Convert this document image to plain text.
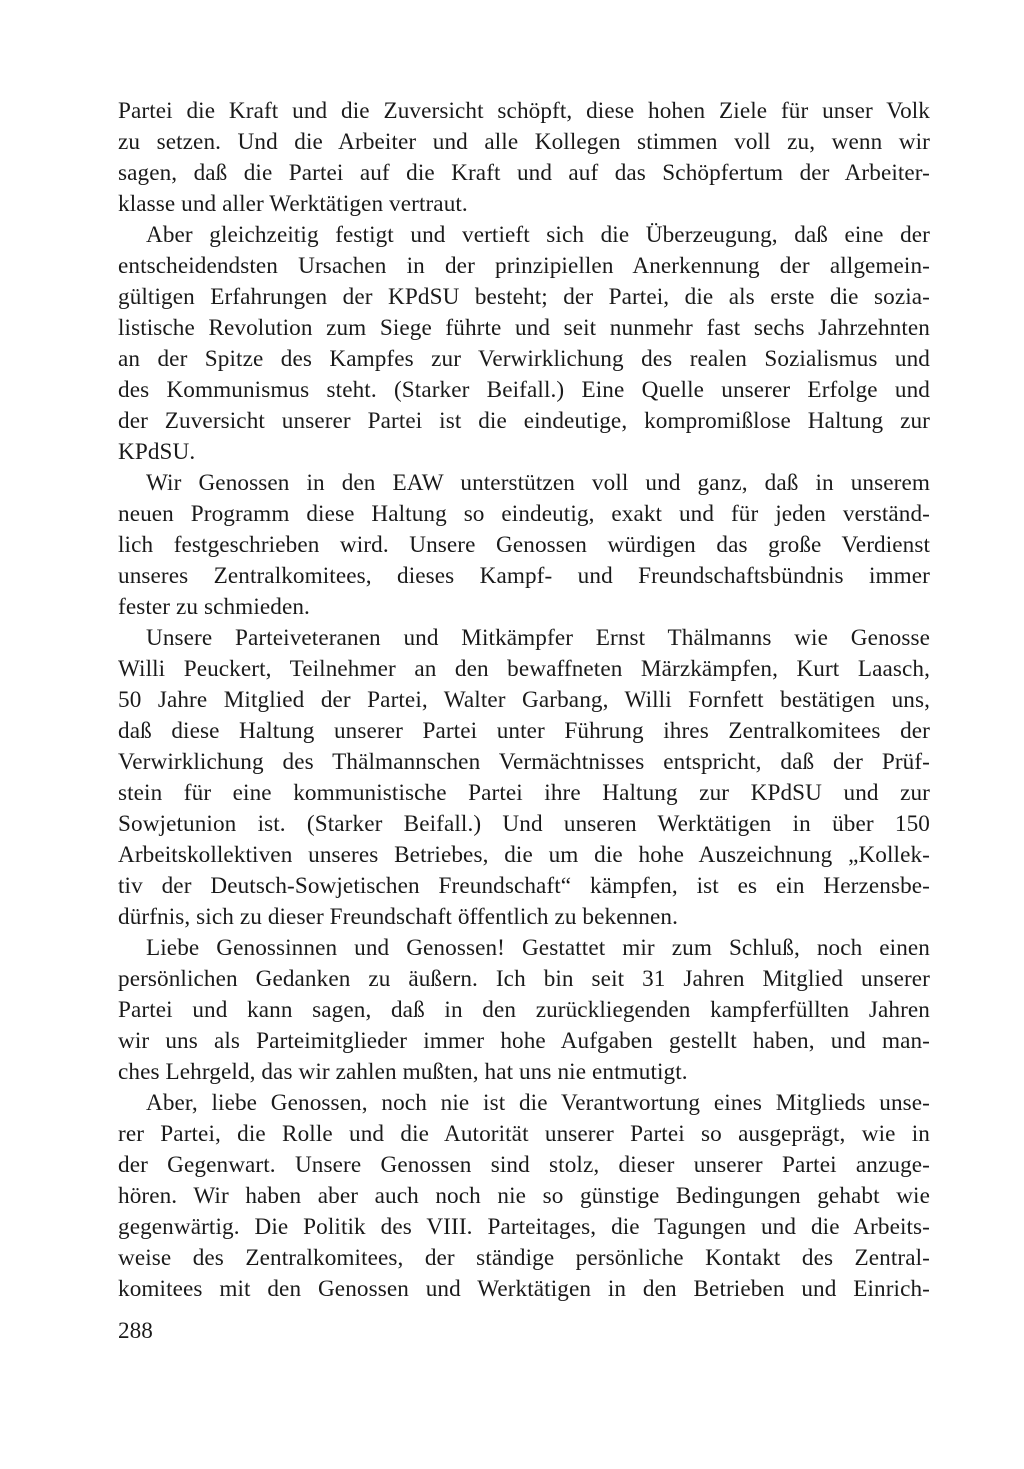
Partei die Kraft und die Zuversicht schöpft, diese hohen Ziele für unser Volk
zu setzen. Und die Arbeiter und alle Kollegen stimmen voll zu, wenn wir
sagen, daß die Partei auf die Kraft und auf das Schöpfertum der Arbeiter-
klasse und aller Werktätigen vertraut.
Aber gleichzeitig festigt und vertieft sich die Überzeugung, daß eine der
entscheidendsten Ursachen in der prinzipiellen Anerkennung der allgemein-
gültigen Erfahrungen der KPdSU besteht; der Partei, die als erste die sozia-
listische Revolution zum Siege führte und seit nunmehr fast sechs Jahrzehnten
an der Spitze des Kampfes zur Verwirklichung des realen Sozialismus und
des Kommunismus steht. (Starker Beifall.) Eine Quelle unserer Erfolge und
der Zuversicht unserer Partei ist die eindeutige, kompromißlose Haltung zur
KPdSU.
Wir Genossen in den EAW unterstützen voll und ganz, daß in unserem
neuen Programm diese Haltung so eindeutig, exakt und für jeden verständ-
lich festgeschrieben wird. Unsere Genossen würdigen das große Verdienst
unseres Zentralkomitees, dieses Kampf- und Freundschaftsbündnis immer
fester zu schmieden.
Unsere Parteiveteranen und Mitkämpfer Ernst Thälmanns wie Genosse
Willi Peuckert, Teilnehmer an den bewaffneten Märzkämpfen, Kurt Laasch,
50 Jahre Mitglied der Partei, Walter Garbang, Willi Fornfett bestätigen uns,
daß diese Haltung unserer Partei unter Führung ihres Zentralkomitees der
Verwirklichung des Thälmannschen Vermächtnisses entspricht, daß der Prüf-
stein für eine kommunistische Partei ihre Haltung zur KPdSU und zur
Sowjetunion ist. (Starker Beifall.) Und unseren Werktätigen in über 150
Arbeitskollektiven unseres Betriebes, die um die hohe Auszeichnung „Kollek-
tiv der Deutsch-Sowjetischen Freundschaft“ kämpfen, ist es ein Herzensbe-
dürfnis, sich zu dieser Freundschaft öffentlich zu bekennen.
Liebe Genossinnen und Genossen! Gestattet mir zum Schluß, noch einen
persönlichen Gedanken zu äußern. Ich bin seit 31 Jahren Mitglied unserer
Partei und kann sagen, daß in den zurückliegenden kampferfüllten Jahren
wir uns als Parteimitglieder immer hohe Aufgaben gestellt haben, und man-
ches Lehrgeld, das wir zahlen mußten, hat uns nie entmutigt.
Aber, liebe Genossen, noch nie ist die Verantwortung eines Mitglieds unse-
rer Partei, die Rolle und die Autorität unserer Partei so ausgeprägt, wie in
der Gegenwart. Unsere Genossen sind stolz, dieser unserer Partei anzuge-
hören. Wir haben aber auch noch nie so günstige Bedingungen gehabt wie
gegenwärtig. Die Politik des VIII. Parteitages, die Tagungen und die Arbeits-
weise des Zentralkomitees, der ständige persönliche Kontakt des Zentral-
komitees mit den Genossen und Werktätigen in den Betrieben und Einrich-
288
